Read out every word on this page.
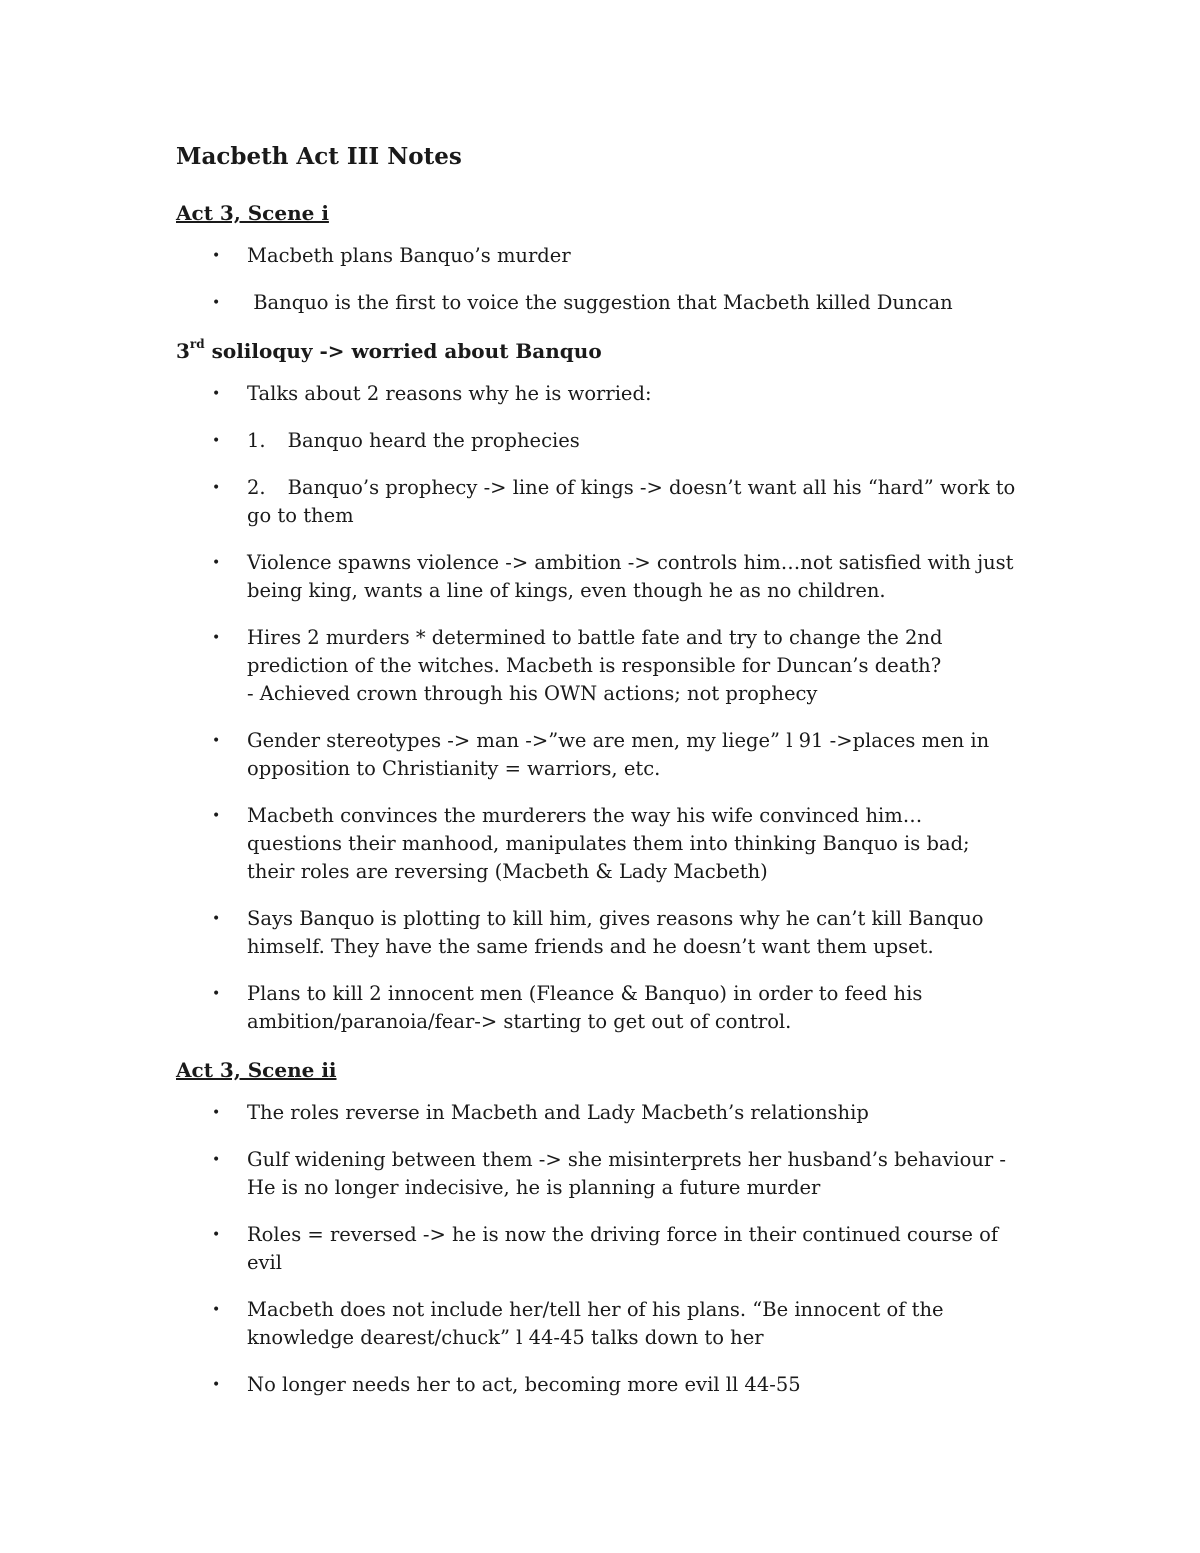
Macbeth Act III Notes
Act 3, Scene i
• Macbeth plans Banquo’s murder
• Banquo is the first to voice the suggestion that Macbeth killed Duncan
3rd soliloquy -> worried about Banquo
• Talks about 2 reasons why he is worried:
• 1. Banquo heard the prophecies
• 2. Banquo’s prophecy -> line of kings -> doesn’t want all his “hard” work to
go to them
• Violence spawns violence -> ambition -> controls him…not satisfied with just
being king, wants a line of kings, even though he as no children.
• Hires 2 murders * determined to battle fate and try to change the 2nd
prediction of the witches. Macbeth is responsible for Duncan’s death?
- Achieved crown through his OWN actions; not prophecy
• Gender stereotypes -> man ->”we are men, my liege” l 91 ->places men in
opposition to Christianity = warriors, etc.
• Macbeth convinces the murderers the way his wife convinced him…
questions their manhood, manipulates them into thinking Banquo is bad;
their roles are reversing (Macbeth & Lady Macbeth)
• Says Banquo is plotting to kill him, gives reasons why he can’t kill Banquo
himself. They have the same friends and he doesn’t want them upset.
• Plans to kill 2 innocent men (Fleance & Banquo) in order to feed his
ambition/paranoia/fear-> starting to get out of control.
Act 3, Scene ii
• The roles reverse in Macbeth and Lady Macbeth’s relationship
• Gulf widening between them -> she misinterprets her husband’s behaviour -
He is no longer indecisive, he is planning a future murder
• Roles = reversed -> he is now the driving force in their continued course of
evil
• Macbeth does not include her/tell her of his plans. “Be innocent of the
knowledge dearest/chuck” l 44-45 talks down to her
• No longer needs her to act, becoming more evil ll 44-55
